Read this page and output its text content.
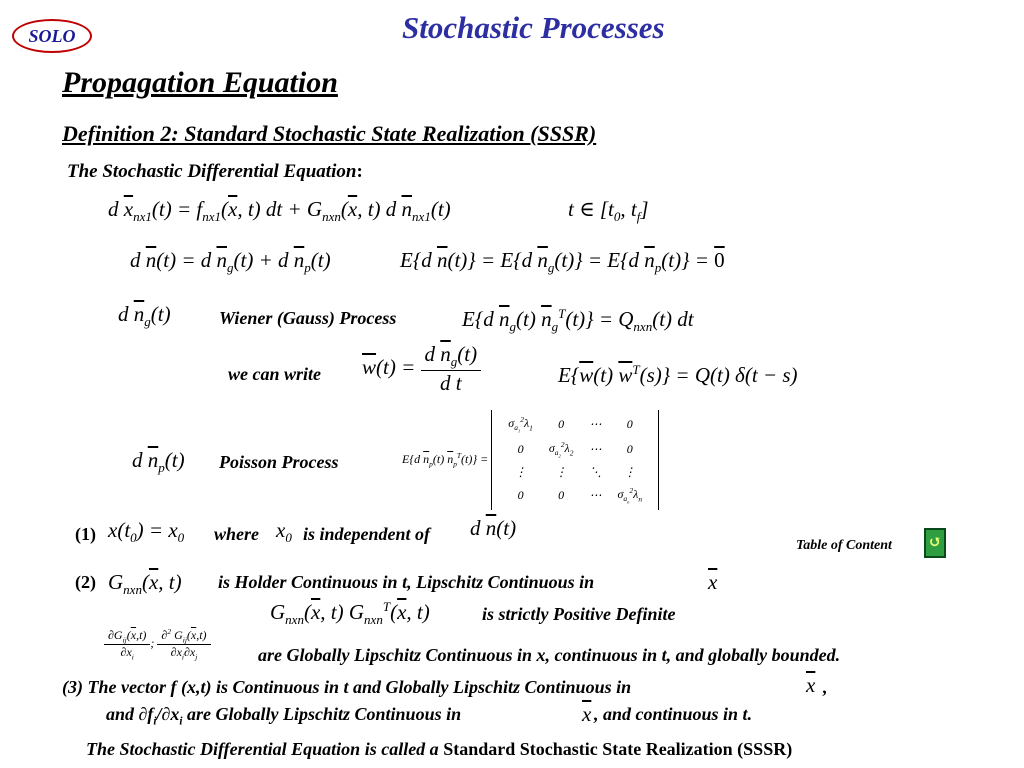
SOLO	Stochastic Processes
Propagation Equation
Definition 2: Standard Stochastic State Realization (SSSR)
The Stochastic Differential Equation:
d $\overline{x}_{nx1}(t) = f_{nx1}(\overline{x}$, t) dt + $G_{nxn}(\overline{x}$, t) d $\overline{n}_{nx1}(t)$	t ∈ [$t_0$, $t_f$]
d $\overline{n}(t) = d$ $\overline{n}_g(t) + d$ $\overline{n}_p(t)$	E{d $\overline{n}(t)\} = E\{d$ $\overline{n}_g(t)\} = E\{d$ $\overline{n}_p(t)\} = 0$
d $\overline{n}_g(t)$	Wiener (Gauss) Process	E{d $\overline{n}_g(t) \overline{n}_g^T(t)\} = Q_{nxn}(t)$ dt
we can write $\overline{w}(t) = \frac{d \overline{n}_g(t)}{\text{d t}}$	$E\{\overline{w}(t) \overline{w}^T(s)\} = Q(t) \delta(t - s)$
d $\overline{n}_p(t)$ Poisson Process	E{d $\overline{n}_p(t) \overline{n}_p^T(t)$} =
$\sigma_{a_1}^2\lambda_1$	0	⋯	0
0	$\sigma_{a_2}^2\lambda_2$	⋯	0
⋮	⋮	⋱	⋮
0	0	⋯	$\sigma_{a_n}^2\lambda_n$
(1) $x(t_0) = x_0$ where $x_0$ is independent of d $\overline{n}(t)$
Table of Content ↺
(2) $G_{nxn}(\overline{x}$, t) is Holder Continuous in t, Lipschitz Continuous in	$\overline{x}$
$G_{nxn}(\overline{x}$, t) $G_{nxn}^T(\overline{x}$, t)	is strictly Positive Definite
$\frac{\partial G_{ij}(\overline{x},t)}{\partial x_i}$ ; $\frac{\partial^2 G_{ij}(\overline{x},t)}{\partial x_i\partial x_j}$	are Globally Lipschitz Continuous in x, continuous in t, and globally bounded.
(3) The vector f (x,t) is Continuous in t and Globally Lipschitz Continuous in	$\overline{x}$ ,
and $\partial f_i/\partial x_i$ are Globally Lipschitz Continuous in	$\overline{x}$ , and continuous in t.
The Stochastic Differential Equation is called a Standard Stochastic State Realization (SSSR)
